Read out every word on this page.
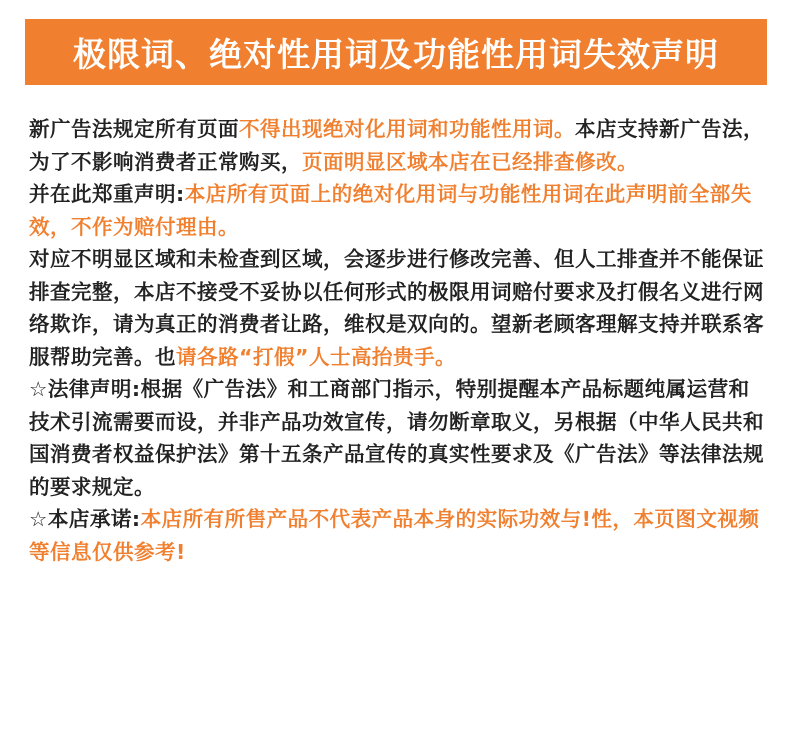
极限词、绝对性用词及功能性用词失效声明

新广告法规定所有页面不得出现绝对化用词和功能性用词。本店支持新广告法，为了不影响消费者正常购买，页面明显区域本店在已经排查修改。

并在此郑重声明:本店所有页面上的绝对化用词与功能性用词在此声明前全部失效，不作为赔付理由。

对应不明显区域和未检查到区域，会逐步进行修改完善、但人工排查并不能保证排查完整，本店不接受不妥协以任何形式的极限用词赔付要求及打假名义进行网络欺诈，请为真正的消费者让路，维权是双向的。望新老顾客理解支持并联系客服帮助完善。也请各路“打假”人士高抬贵手。

☆法律声明:根据《广告法》和工商部门指示，特别提醒本产品标题纯属运营和技术引流需要而设，并非产品功效宣传，请勿断章取义，另根据（中华人民共和国消费者权益保护法》第十五条产品宣传的真实性要求及《广告法》等法律法规的要求规定。

☆本店承诺:本店所有所售产品不代表产品本身的实际功效与!性，本页图文视频等信息仅供参考!
